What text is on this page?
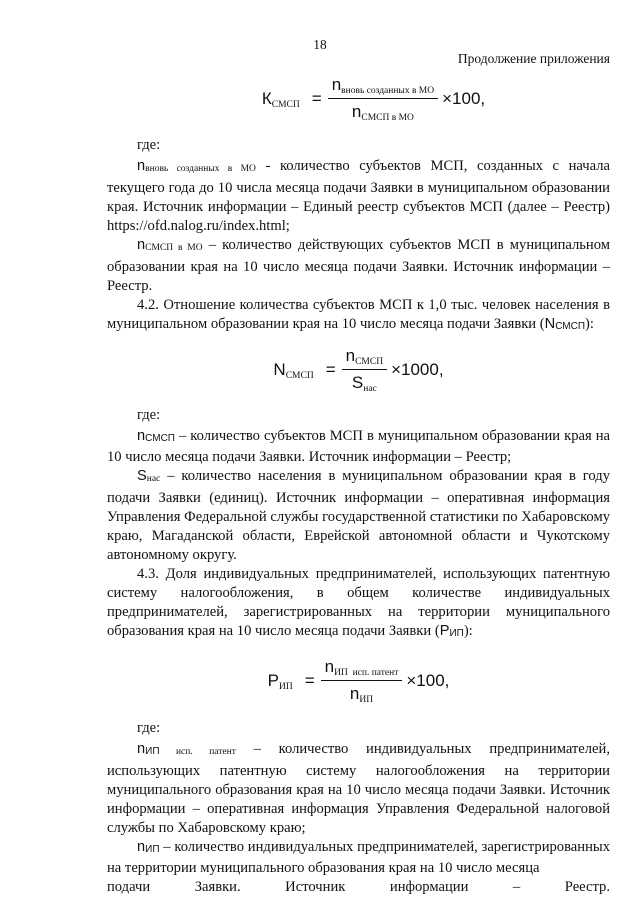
18
Продолжение приложения
КСМСП = $\frac{\text{nвновь созданных в МО}}{\text{nСМСП в МО}} \times 100$,

где:

nвновь созданных в МО - количество субъектов МСП, созданных с начала текущего года до 10 числа месяца подачи Заявки в муниципальном образовании края. Источник информации – Единый реестр субъектов МСП (далее – Реестр) https://ofd.nalog.ru/index.html;

nСМСП в МО – количество действующих субъектов МСП в муниципальном образовании края на 10 число месяца подачи Заявки. Источник информации – Реестр.

4.2. Отношение количества субъектов МСП к 1,0 тыс. человек населения в муниципальном образовании края на 10 число месяца подачи Заявки (NСМСП):

NСМСП = $\frac{\text{nСМСП}}{\text{Sнас}} \times 1000$,

где:

nСМСП – количество субъектов МСП в муниципальном образовании края на 10 число месяца подачи Заявки. Источник информации – Реестр;

Sнас – количество населения в муниципальном образовании края в году подачи Заявки (единиц). Источник информации – оперативная информация Управления Федеральной службы государственной статистики по Хабаровскому краю, Магаданской области, Еврейской автономной области и Чукотскому автономному округу.

4.3. Доля индивидуальных предпринимателей, использующих патентную систему налогообложения, в общем количестве индивидуальных предпринимателей, зарегистрированных на территории муниципального образования края на 10 число месяца подачи Заявки (РИП):

РИП = $\frac{\text{nИП исп. патент}}{\text{nИП}} \times 100$,

где:

nИП исп. патент – количество индивидуальных предпринимателей, использующих патентную систему налогообложения на территории муниципального образования края на 10 число месяца подачи Заявки. Источник информации – оперативная информация Управления Федеральной налоговой службы по Хабаровскому краю;

nИП – количество индивидуальных предпринимателей, зарегистрированных на территории муниципального образования края на 10 число месяца

подачи Заявки. Источник информации – Реестр.
